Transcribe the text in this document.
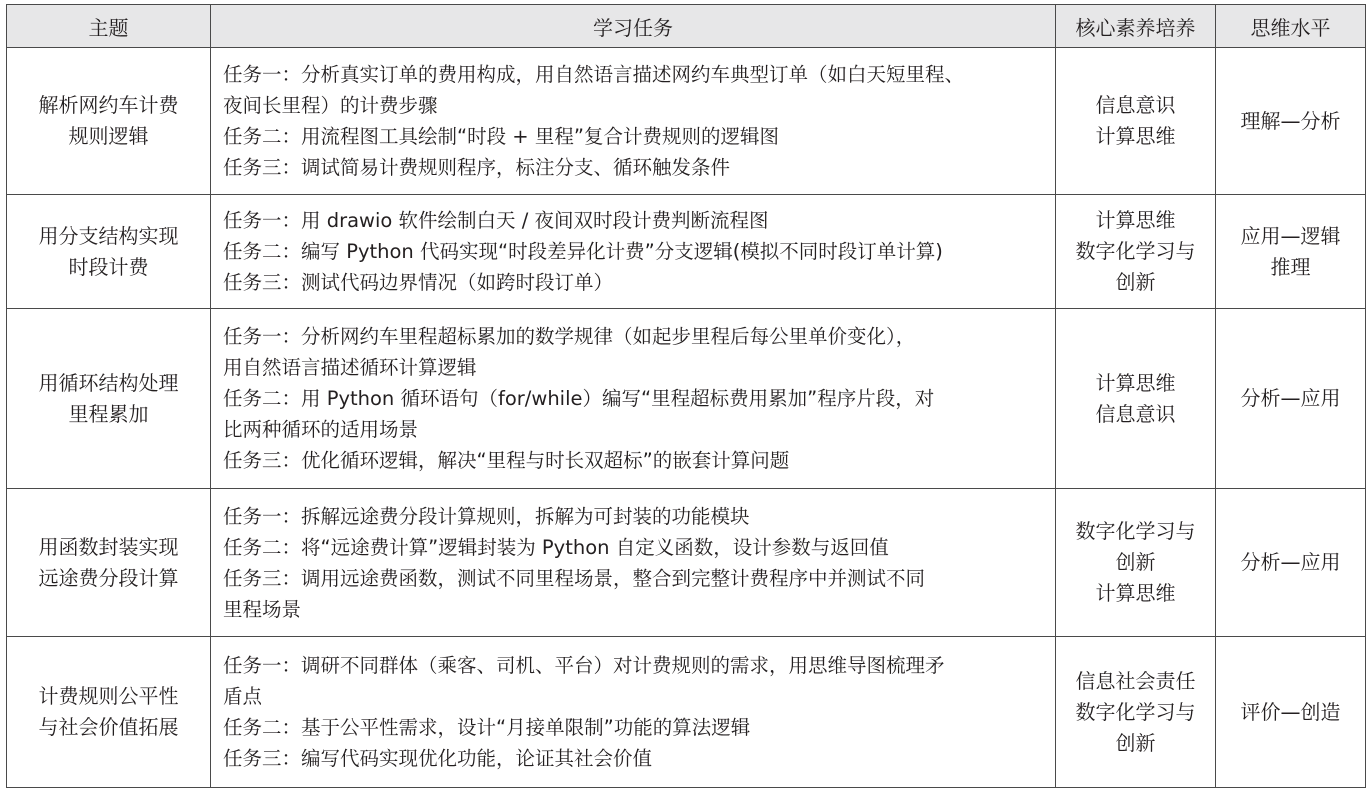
主题	学习任务	核心素养培养	思维水平

解析网约车计费
规则逻辑	任务一：分析真实订单的费用构成，用自然语言描述网约车典型订单（如白天短里程、
夜间长里程）的计费步骤
任务二：用流程图工具绘制“时段 + 里程”复合计费规则的逻辑图
任务三：调试简易计费规则程序，标注分支、循环触发条件	信息意识
计算思维	理解—分析

用分支结构实现
时段计费	任务一：用 drawio 软件绘制白天 / 夜间双时段计费判断流程图
任务二：编写 Python 代码实现“时段差异化计费”分支逻辑(模拟不同时段订单计算)
任务三：测试代码边界情况（如跨时段订单）	计算思维
数字化学习与
创新	应用—逻辑
推理

用循环结构处理
里程累加	任务一：分析网约车里程超标累加的数学规律（如起步里程后每公里单价变化），
用自然语言描述循环计算逻辑
任务二：用 Python 循环语句（for/while）编写“里程超标费用累加”程序片段，对
比两种循环的适用场景
任务三：优化循环逻辑，解决“里程与时长双超标”的嵌套计算问题	计算思维
信息意识	分析—应用

用函数封装实现
远途费分段计算	任务一：拆解远途费分段计算规则，拆解为可封装的功能模块
任务二：将“远途费计算”逻辑封装为 Python 自定义函数，设计参数与返回值
任务三：调用远途费函数，测试不同里程场景，整合到完整计费程序中并测试不同
里程场景	数字化学习与
创新
计算思维	分析—应用

计费规则公平性
与社会价值拓展	任务一：调研不同群体（乘客、司机、平台）对计费规则的需求，用思维导图梳理矛
盾点
任务二：基于公平性需求，设计“月接单限制”功能的算法逻辑
任务三：编写代码实现优化功能，论证其社会价值	信息社会责任
数字化学习与
创新	评价—创造
